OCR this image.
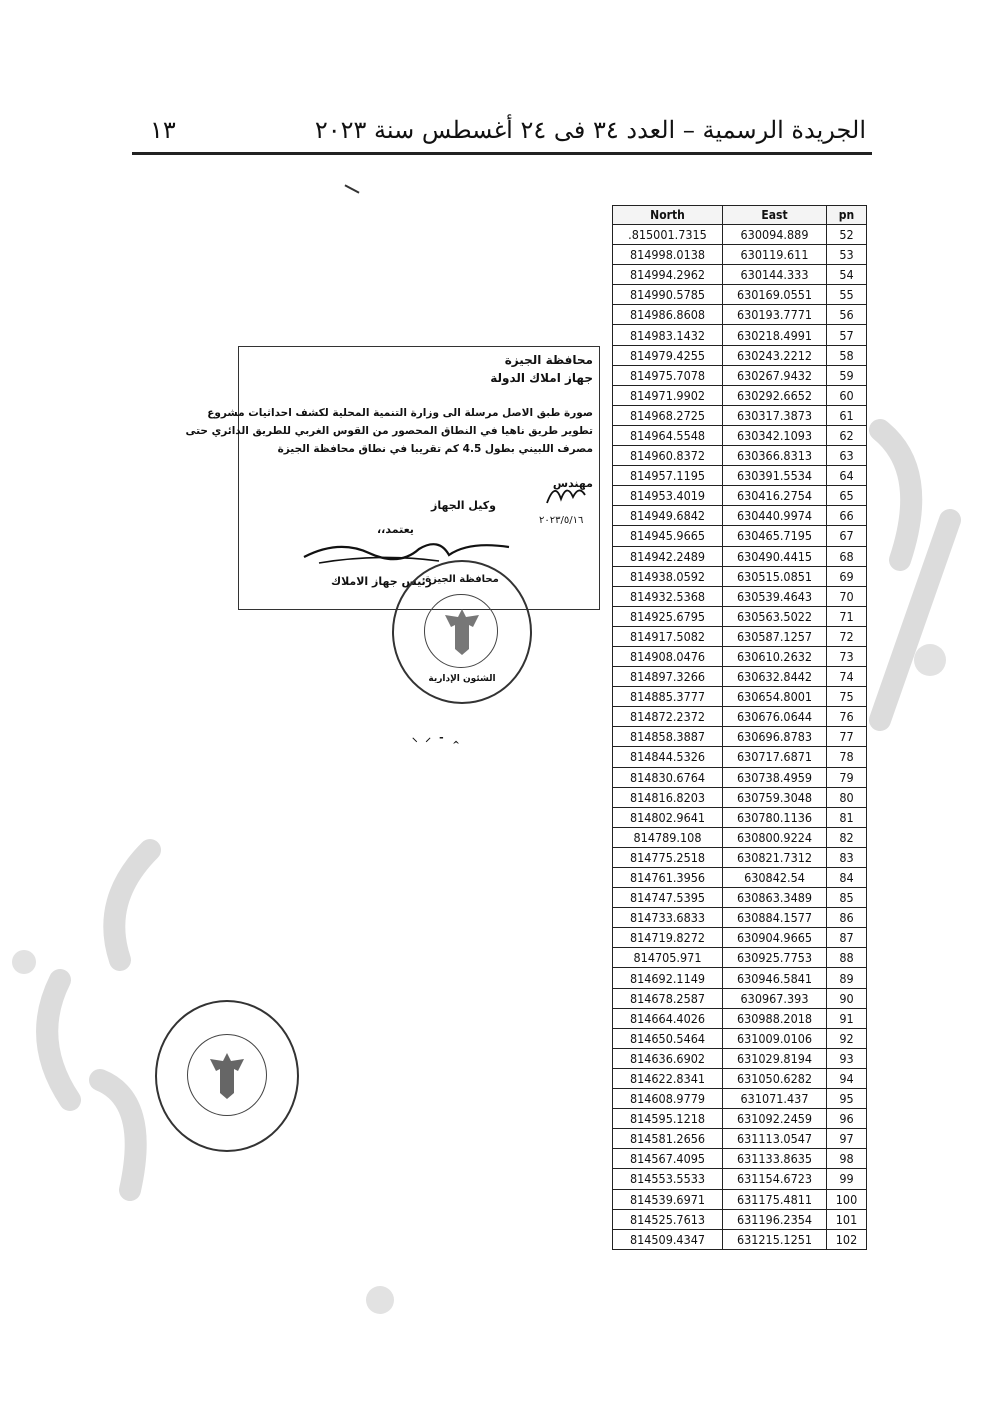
الجريدة الرسمية – العدد ٣٤ فى ٢٤ أغسطس سنة ٢٠٢٣
١٣
North	East	pn
.815001.7315	630094.889	52
814998.0138	630119.611	53
814994.2962	630144.333	54
814990.5785	630169.0551	55
814986.8608	630193.7771	56
814983.1432	630218.4991	57
814979.4255	630243.2212	58
814975.7078	630267.9432	59
814971.9902	630292.6652	60
814968.2725	630317.3873	61
814964.5548	630342.1093	62
814960.8372	630366.8313	63
814957.1195	630391.5534	64
814953.4019	630416.2754	65
814949.6842	630440.9974	66
814945.9665	630465.7195	67
814942.2489	630490.4415	68
814938.0592	630515.0851	69
814932.5368	630539.4643	70
814925.6795	630563.5022	71
814917.5082	630587.1257	72
814908.0476	630610.2632	73
814897.3266	630632.8442	74
814885.3777	630654.8001	75
814872.2372	630676.0644	76
814858.3887	630696.8783	77
814844.5326	630717.6871	78
814830.6764	630738.4959	79
814816.8203	630759.3048	80
814802.9641	630780.1136	81
814789.108	630800.9224	82
814775.2518	630821.7312	83
814761.3956	630842.54	84
814747.5395	630863.3489	85
814733.6833	630884.1577	86
814719.8272	630904.9665	87
814705.971	630925.7753	88
814692.1149	630946.5841	89
814678.2587	630967.393	90
814664.4026	630988.2018	91
814650.5464	631009.0106	92
814636.6902	631029.8194	93
814622.8341	631050.6282	94
814608.9779	631071.437	95
814595.1218	631092.2459	96
814581.2656	631113.0547	97
814567.4095	631133.8635	98
814553.5533	631154.6723	99
814539.6971	631175.4811	100
814525.7613	631196.2354	101
814509.4347	631215.1251	102
محافظة الجيزة
جهاز املاك الدولة
صورة طبق الاصل مرسلة الى وزارة التنمية المحلية لكشف احداثيات مشروع
تطوير طريق ناهيا في النطاق المحصور من القوس الغربي للطريق الدائري حتى
مصرف اللبيني بطول 4.5 كم تقريبا في نطاق محافظة الجيزة
مهندس
وكيل الجهاز
٢٠٢٣/٥/١٦
يعتمد،،
رئيس جهاز الاملاك
محافظة الجيزة
الشئون الإدارية
⸜ ⸝ ⁃ ‸
